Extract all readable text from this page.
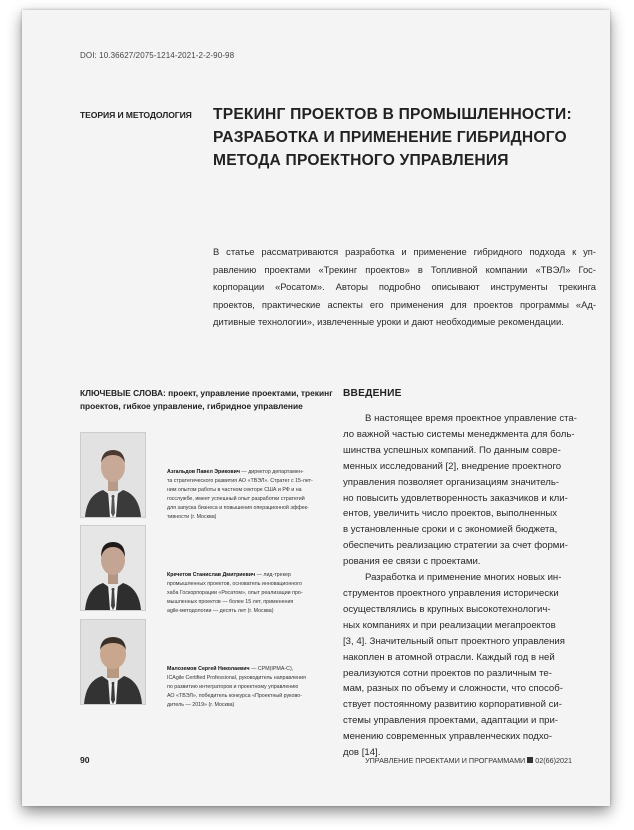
DOI: 10.36627/2075-1214-2021-2-2-90-98
ТЕОРИЯ И МЕТОДОЛОГИЯ ТРЕКИНГ ПРОЕКТОВ В ПРОМЫШЛЕННОСТИ:
РАЗРАБОТКА И ПРИМЕНЕНИЕ ГИБРИДНОГО
МЕТОДА ПРОЕКТНОГО УПРАВЛЕНИЯ
В статье рассматриваются разработка и применение гибридного подхода к уп-
равлению проектами «Трекинг проектов» в Топливной компании «ТВЭЛ» Гос-
корпорации «Росатом». Авторы подробно описывают инструменты трекинга
проектов, практические аспекты его применения для проектов программы «Ад-
дитивные технологии», извлеченные уроки и дают необходимые рекомендации.
КЛЮЧЕВЫЕ СЛОВА: проект, управление проектами, трекинг
проектов, гибкое управление, гибридное управление
Азгальдов Павел Эрикович — директор департамен-
та стратегического развития АО «ТВЭЛ». Стратег с 15-лет-
ним опытом работы в частном секторе США и РФ и на
госслужбе, имеет успешный опыт разработки стратегий
для запуска бизнеса и повышения операционной эффек-
тивности (г. Москва)
Кречетов Станислав Дмитриевич — лид-трекер
промышленных проектов, основатель инновационного
хаба Госкорпорации «Росатом», опыт реализации про-
мышленных проектов — более 15 лет, применения
agile-методологии — десять лет (г. Москва)
Малоземов Сергей Николаевич — CPM(IPMA-C),
ICAgile Certified Professional, руководитель направления
по развитию интеграторов и проектному управлению
АО «ТВЭЛ», победитель конкурса «Проектный руково-
дитель — 2019» (г. Москва)
ВВЕДЕНИЕ
В настоящее время проектное управление ста-
ло важной частью системы менеджмента для боль-
шинства успешных компаний. По данным совре-
менных исследований [2], внедрение проектного
управления позволяет организациям значитель-
но повысить удовлетворенность заказчиков и кли-
ентов, увеличить число проектов, выполненных
в установленные сроки и с экономией бюджета,
обеспечить реализацию стратегии за счет форми-
рования ее связи с проектами.
Разработка и применение многих новых ин-
струментов проектного управления исторически
осуществлялись в крупных высокотехнологич-
ных компаниях и при реализации мегапроектов
[3, 4]. Значительный опыт проектного управления
накоплен в атомной отрасли. Каждый год в ней
реализуются сотни проектов по различным те-
мам, разных по объему и сложности, что способ-
ствует постоянному развитию корпоративной си-
стемы управления проектами, адаптации и при-
менению современных управленческих подхо-
дов [14].
90	УПРАВЛЕНИЕ ПРОЕКТАМИ И ПРОГРАММАМИ 02(66)2021
